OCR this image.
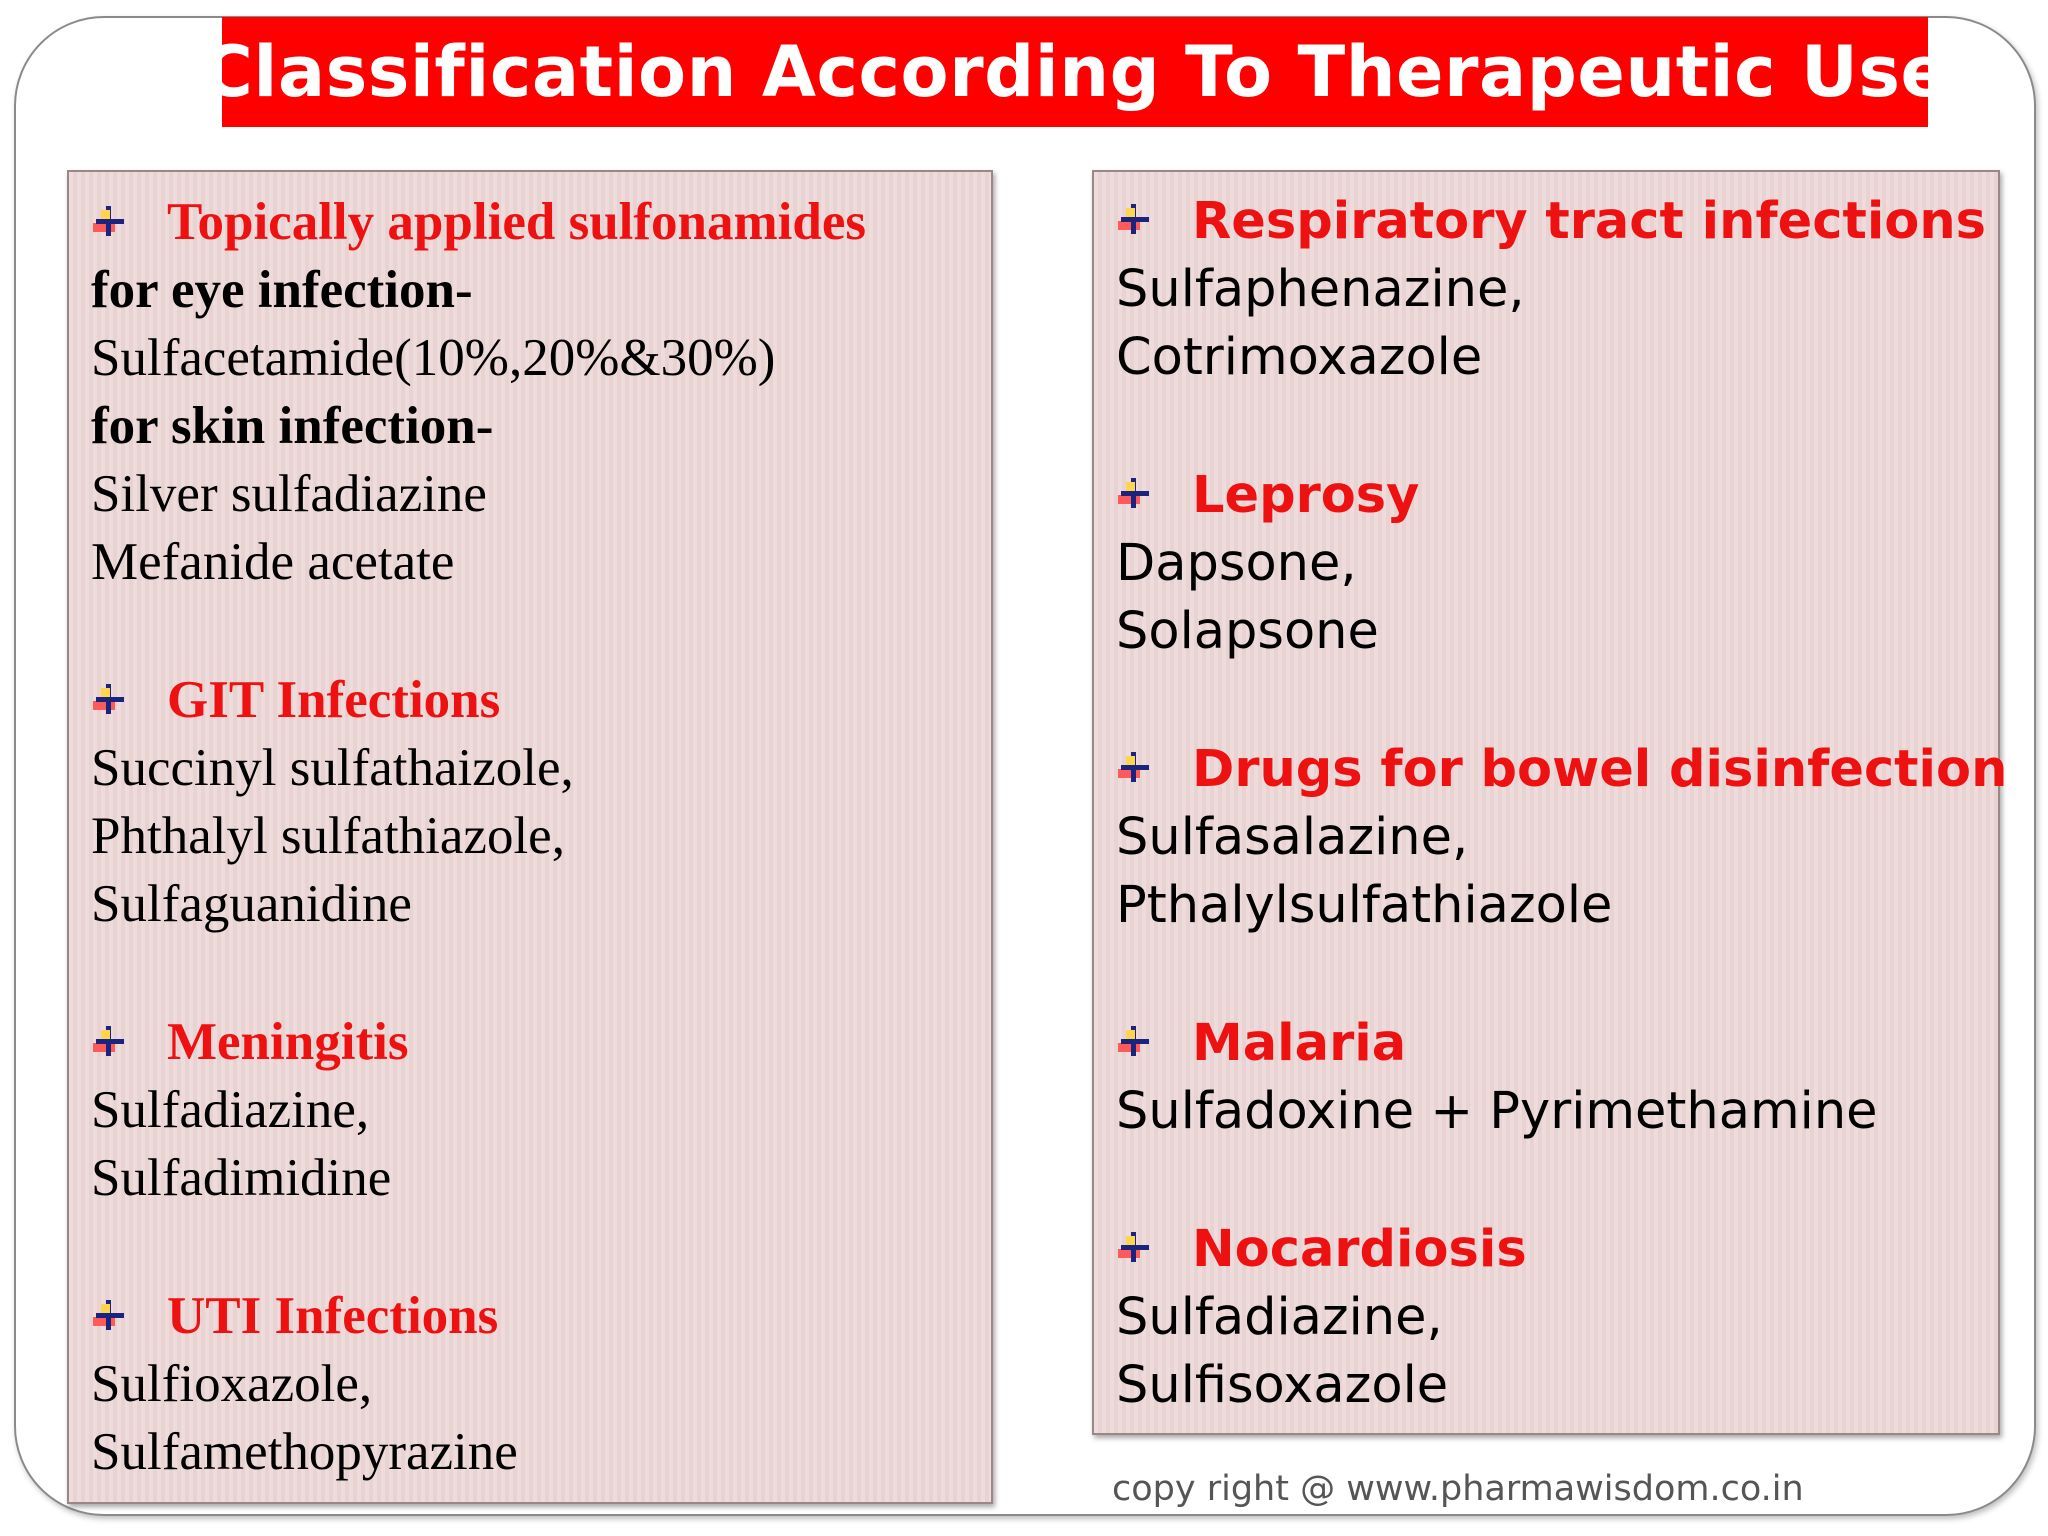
Classification According To Therapeutic Use
Topically applied sulfonamides
for eye infection-
Sulfacetamide(10%,20%&30%)
for skin infection-
Silver sulfadiazine
Mefanide acetate
GIT Infections
Succinyl sulfathaizole,
Phthalyl sulfathiazole,
Sulfaguanidine
Meningitis
Sulfadiazine,
Sulfadimidine
UTI Infections
Sulfioxazole,
Sulfamethopyrazine
Respiratory tract infections
Sulfaphenazine,
Cotrimoxazole
Leprosy
Dapsone,
Solapsone
Drugs for bowel disinfection
Sulfasalazine,
Pthalylsulfathiazole
Malaria
Sulfadoxine + Pyrimethamine
Nocardiosis
Sulfadiazine,
Sulfisoxazole
copy right @ www.pharmawisdom.co.in
